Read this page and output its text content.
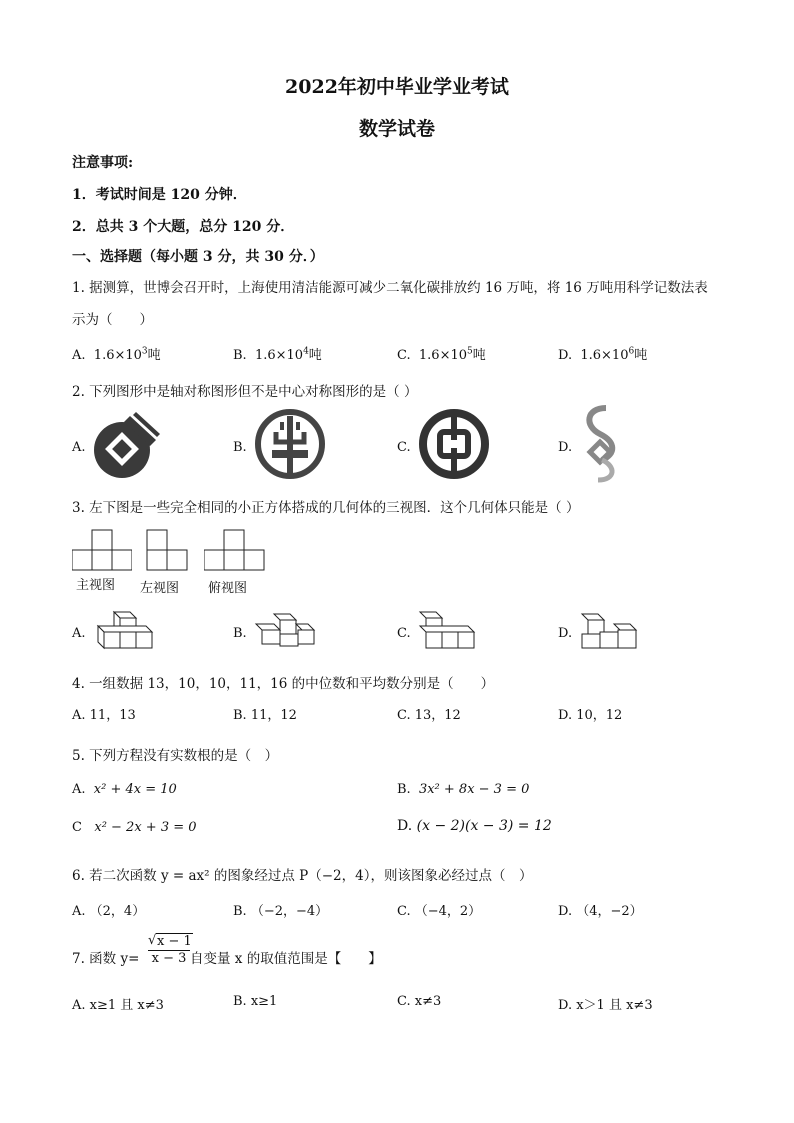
2022年初中毕业学业考试
数学试卷
注意事项:
1．考试时间是 120 分钟．
2．总共 3 个大题，总分 120 分．
一、选择题（每小题 3 分，共 30 分．）
1. 据测算，世博会召开时，上海使用清洁能源可减少二氧化碳排放约 16 万吨，将 16 万吨用科学记数法表
示为（　　）
A. $1.6\times 10^3$吨	B. $1.6\times 10^4$吨	C. $1.6\times 10^5$吨	D. $1.6\times 10^6$吨
2. 下列图形中是轴对称图形但不是中心对称图形的是（ ）
A.	B.	C.	D.
3. 左下图是一些完全相同的小正方体搭成的几何体的三视图．这个几何体只能是（ ）
主视图 左视图 俯视图
A.	B.	C.	D.
4. 一组数据 13，10，10，11，16 的中位数和平均数分别是（　　）
A. 11，13	B. 11，12	C. 13，12	D. 10，12
5. 下列方程没有实数根的是（　）
A. x² + 4x = 10	B. 3x² + 8x − 3 = 0
C x² − 2x + 3 = 0	D. (x − 2)(x − 3) = 12
6. 若二次函数 y = ax² 的图象经过点 P（−2，4），则该图象必经过点（　）
A. （2，4）	B. （−2，−4）	C. （−4，2）	D. （4，−2）
7. 函数 y=
√ x − 1
x − 3 自变量 x 的取值范围是【　　】
A. x≥1 且 x≠3	B. x≥1	C. x≠3	D. x＞1 且 x≠3
